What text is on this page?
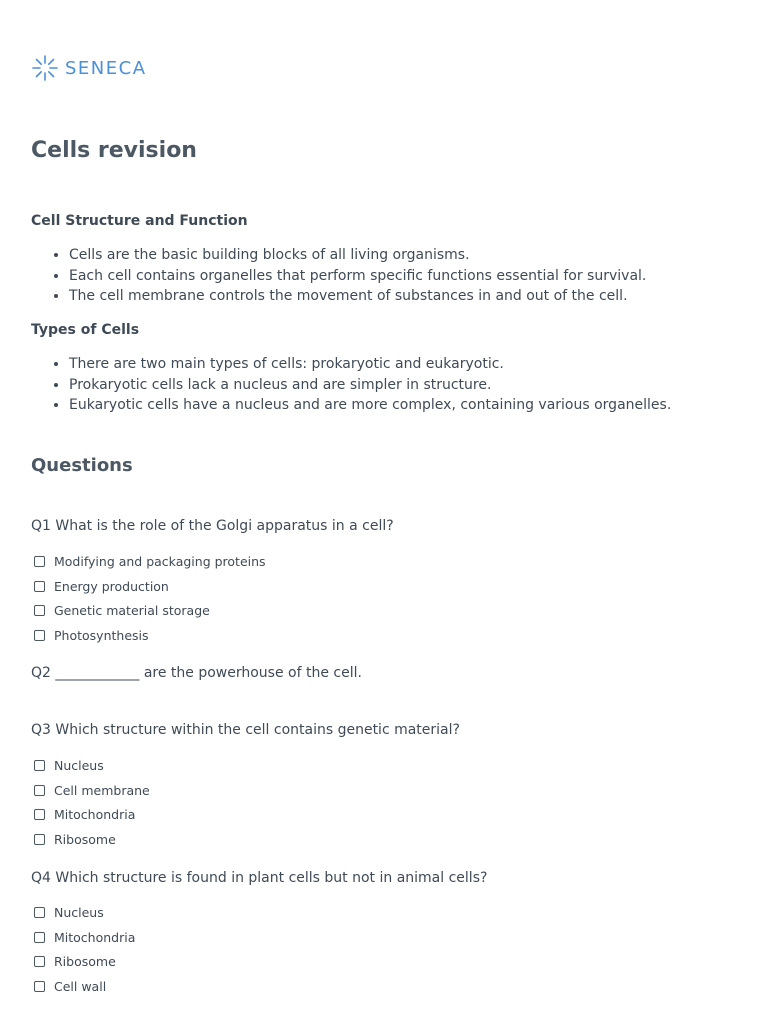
SENECA
Cells revision
Cell Structure and Function
• Cells are the basic building blocks of all living organisms.
• Each cell contains organelles that perform specific functions essential for survival.
• The cell membrane controls the movement of substances in and out of the cell.
Types of Cells
• There are two main types of cells: prokaryotic and eukaryotic.
• Prokaryotic cells lack a nucleus and are simpler in structure.
• Eukaryotic cells have a nucleus and are more complex, containing various organelles.
Questions

Q1 What is the role of the Golgi apparatus in a cell?

Modifying and packaging proteins
Energy production
Genetic material storage
Photosynthesis

Q2 ____________ are the powerhouse of the cell.

Q3 Which structure within the cell contains genetic material?

Nucleus
Cell membrane
Mitochondria
Ribosome

Q4 Which structure is found in plant cells but not in animal cells?

Nucleus
Mitochondria
Ribosome
Cell wall
